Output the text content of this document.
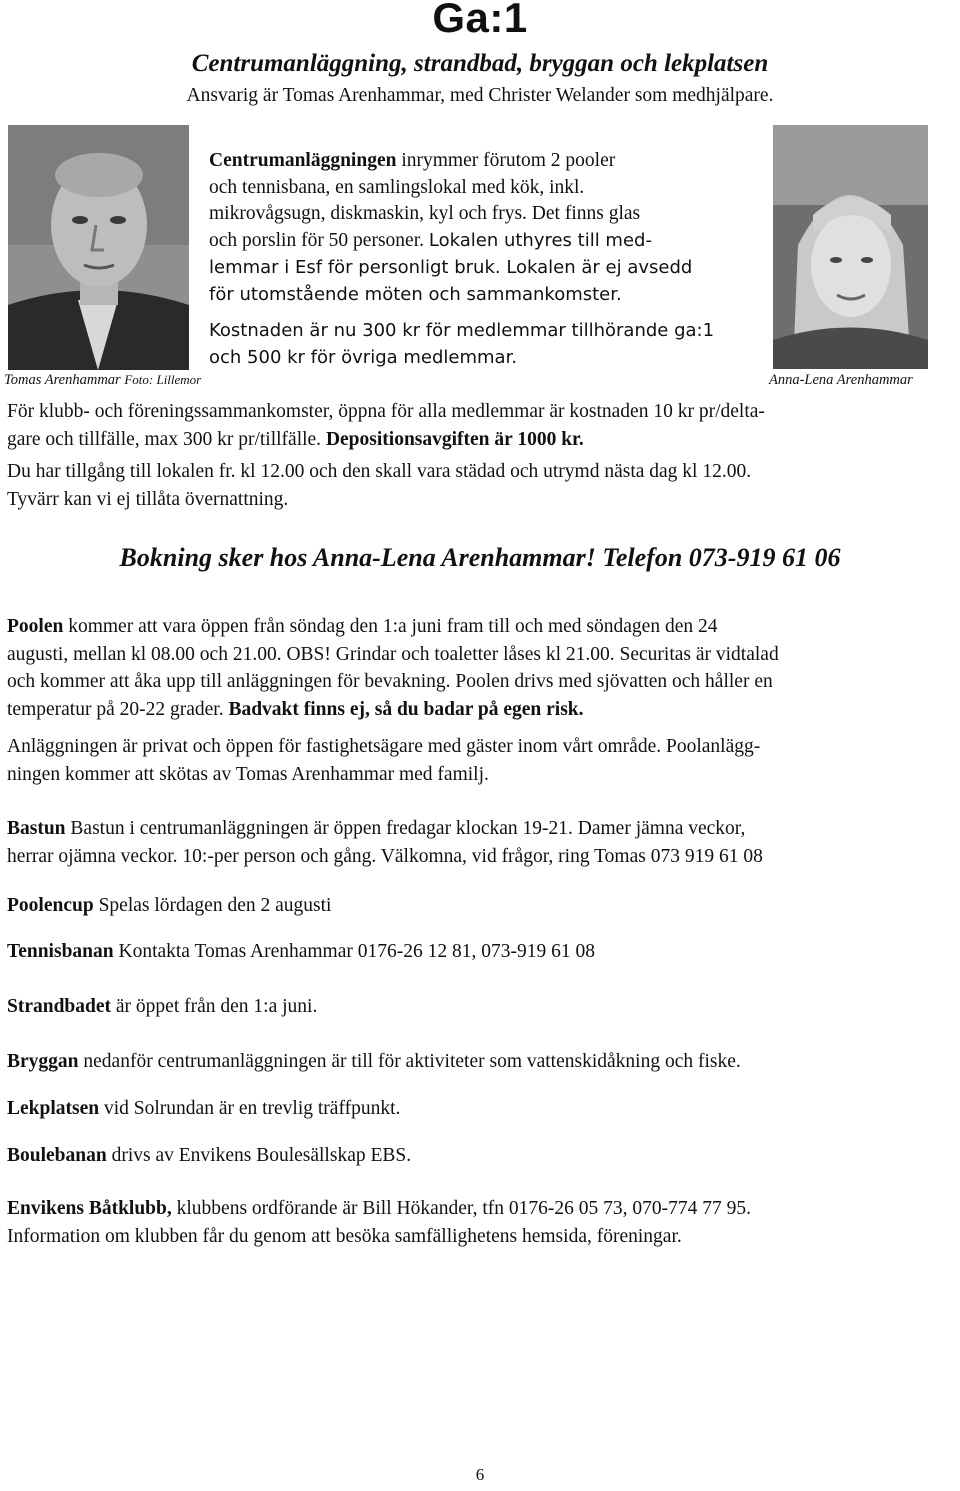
Ga:1
Centrumanläggning, strandbad, bryggan och lekplatsen
Ansvarig är Tomas Arenhammar, med Christer Welander som medhjälpare.
Tomas Arenhammar Foto: Lillemor

Centrumanläggningen inrymmer förutom 2 pooler
och tennisbana, en samlingslokal med kök, inkl.
mikrovågsugn, diskmaskin, kyl och frys. Det finns glas
och porslin för 50 personer. Lokalen uthyres till med-
lemmar i Esf för personligt bruk. Lokalen är ej avsedd
för utomstående möten och sammankomster.

Kostnaden är nu 300 kr för medlemmar tillhörande ga:1
och 500 kr för övriga medlemmar.

Anna-Lena Arenhammar

För klubb- och föreningssammankomster, öppna för alla medlemmar är kostnaden 10 kr pr/delta-
gare och tillfälle, max 300 kr pr/tillfälle. Depositionsavgiften är 1000 kr.

Du har tillgång till lokalen fr. kl 12.00 och den skall vara städad och utrymd nästa dag kl 12.00.
Tyvärr kan vi ej tillåta övernattning.

Bokning sker hos Anna-Lena Arenhammar! Telefon 073-919 61 06

Poolen kommer att vara öppen från söndag den 1:a juni fram till och med söndagen den 24
augusti, mellan kl 08.00 och 21.00. OBS! Grindar och toaletter låses kl 21.00. Securitas är vidtalad
och kommer att åka upp till anläggningen för bevakning. Poolen drivs med sjövatten och håller en
temperatur på 20-22 grader. Badvakt finns ej, så du badar på egen risk.

Anläggningen är privat och öppen för fastighetsägare med gäster inom vårt område. Poolanlägg-
ningen kommer att skötas av Tomas Arenhammar med familj.

Bastun Bastun i centrumanläggningen är öppen fredagar klockan 19-21. Damer jämna veckor,
herrar ojämna veckor. 10:-per person och gång. Välkomna, vid frågor, ring Tomas 073 919 61 08

Poolencup Spelas lördagen den 2 augusti
Tennisbanan Kontakta Tomas Arenhammar 0176-26 12 81, 073-919 61 08
Strandbadet är öppet från den 1:a juni.
Bryggan nedanför centrumanläggningen är till för aktiviteter som vattenskidåkning och fiske.
Lekplatsen vid Solrundan är en trevlig träffpunkt.
Boulebanan drivs av Envikens Boulesällskap EBS.

Envikens Båtklubb, klubbens ordförande är Bill Hökander, tfn 0176-26 05 73, 070-774 77 95.
Information om klubben får du genom att besöka samfällighetens hemsida, föreningar.

6
